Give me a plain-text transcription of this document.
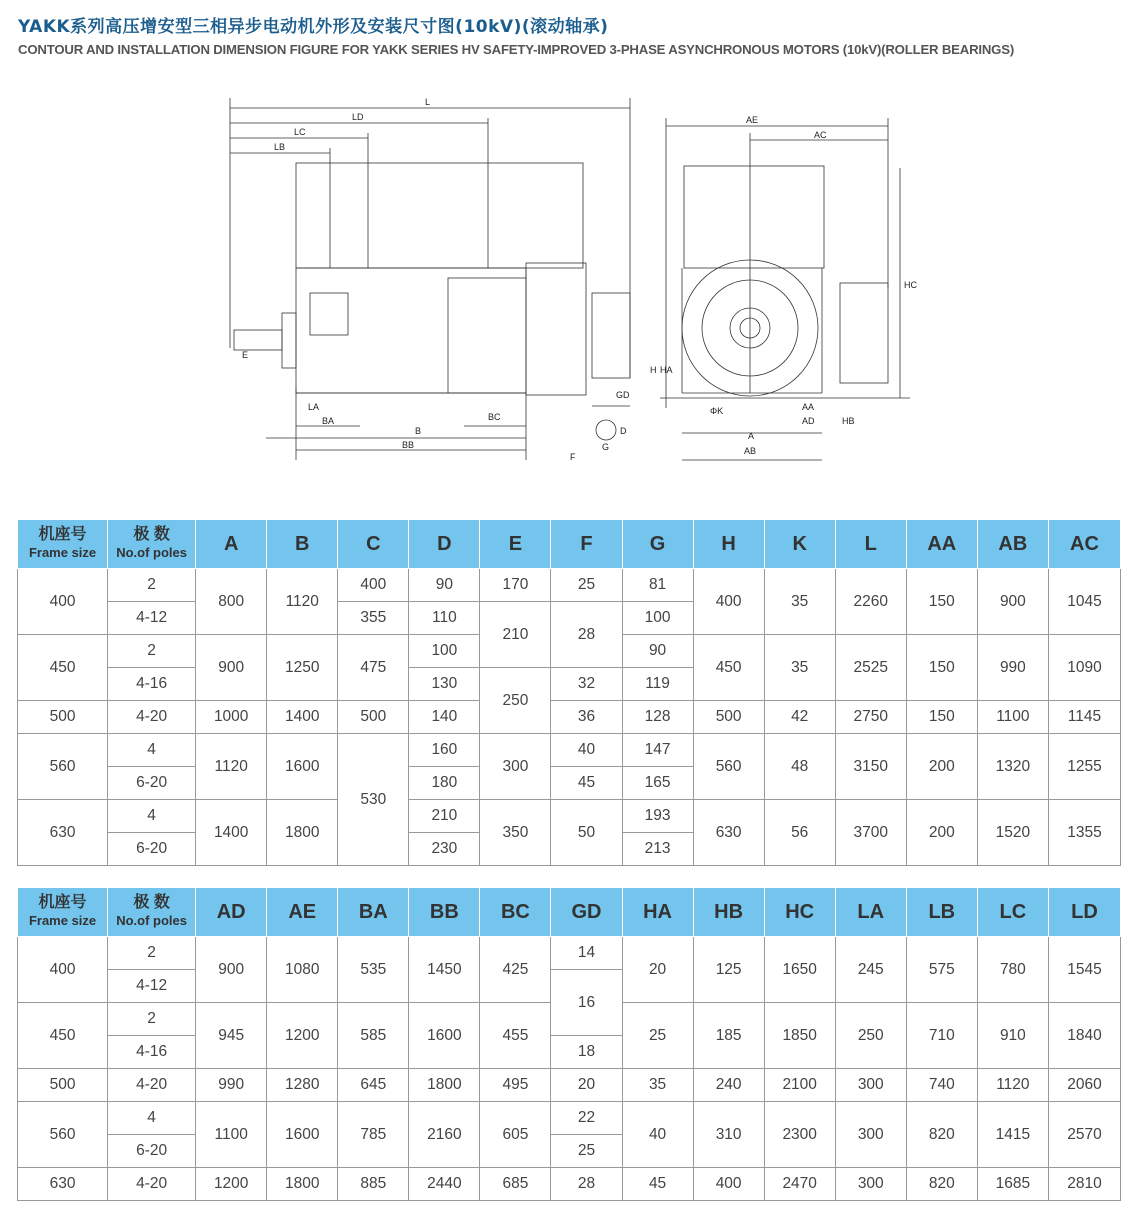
YAKK系列高压增安型三相异步电动机外形及安装尺寸图(10kV)(滚动轴承)
CONTOUR AND INSTALLATION DIMENSION FIGURE FOR YAKK SERIES HV SAFETY-IMPROVED 3-PHASE ASYNCHRONOUS MOTORS (10kV)(ROLLER BEARINGS)
L
LD
LC
LB
E
LA
BA
B
BB
BC
GD
G
F
D
AE
AC
HC
H HA
ΦK	AA
AD	HB
A
AB
机座号
Frame size	极 数
No.of poles	A	B	C	D	E	F	G	H	K	L	AA	AB	AC
400	2	800	1120	400	90	170	25	81	400	35	2260	150	900	1045
	4-12			355	110	210	28	100						
450	2	900	1250	475	100			90	450	35	2525	150	990	1090
	4-16				130	250	32	119						
500	4-20	1000	1400	500	140		36	128	500	42	2750	150	1100	1145
560	4	1120	1600	530	160	300	40	147	560	48	3150	200	1320	1255
	6-20				180		45	165						
630	4	1400	1800		210	350	50	193	630	56	3700	200	1520	1355
	6-20				230			213						
机座号
Frame size	极 数
No.of poles	AD	AE	BA	BB	BC	GD	HA	HB	HC	LA	LB	LC	LD
400	2	900	1080	535	1450	425	14	20	125	1650	245	575	780	1545
	4-12						16							
450	2	945	1200	585	1600	455		25	185	1850	250	710	910	1840
	4-16						18							
500	4-20	990	1280	645	1800	495	20	35	240	2100	300	740	1120	2060
560	4	1100	1600	785	2160	605	22	40	310	2300	300	820	1415	2570
	6-20						25							
630	4-20	1200	1800	885	2440	685	28	45	400	2470	300	820	1685	2810
